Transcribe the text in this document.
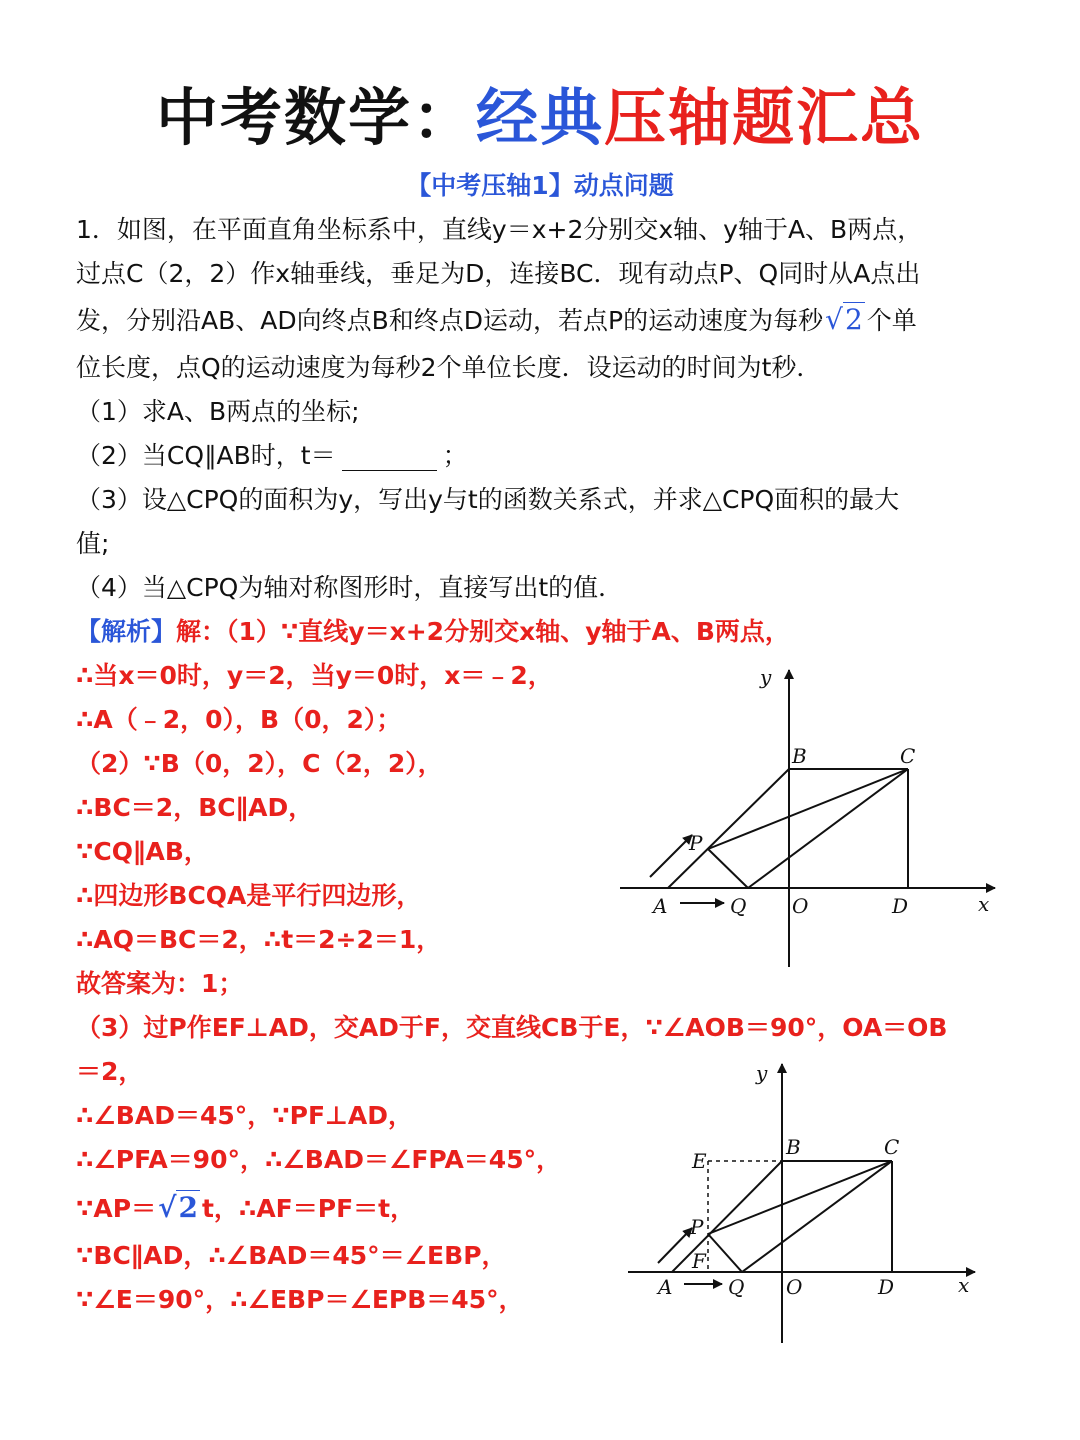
中考数学：经典压轴题汇总
【中考压轴1】动点问题
1．如图，在平面直角坐标系中，直线y＝x+2分别交x轴、y轴于A、B两点，
过点C（2，2）作x轴垂线，垂足为D，连接BC．现有动点P、Q同时从A点出
发，分别沿AB、AD向终点B和终点D运动，若点P的运动速度为每秒√2 个单
位长度，点Q的运动速度为每秒2个单位长度．设运动的时间为t秒．
（1）求A、B两点的坐标;
（2）当CQ∥AB时，t＝	；
（3）设△CPQ的面积为y，写出y与t的函数关系式，并求△CPQ面积的最大
值;
（4）当△CPQ为轴对称图形时，直接写出t的值．
【解析】解：（1）∵直线y＝x+2分别交x轴、y轴于A、B两点，
∴当x＝0时，y＝2，当y＝0时，x＝﹣2，
∴A（﹣2，0），B（0，2）；
（2）∵B（0，2），C（2，2），
∴BC＝2，BC∥AD，
∵CQ∥AB，
∴四边形BCQA是平行四边形，
∴AQ＝BC＝2，∴t＝2÷2＝1，
故答案为：1；
（3）过P作EF⊥AD，交AD于F，交直线CB于E，∵∠AOB＝90°，OA＝OB
＝2，
∴∠BAD＝45°，∵PF⊥AD，
∴∠PFA＝90°，∴∠BAD＝∠FPA＝45°，
∵AP＝√2 t，∴AF＝PF＝t，
∵BC∥AD，∴∠BAD＝45°＝∠EBP，
∵∠E＝90°，∴∠EBP＝∠EPB＝45°，
y
B	C
P
A	Q O	D	x
y
E
B	C
P
F
A	Q O	D	x
